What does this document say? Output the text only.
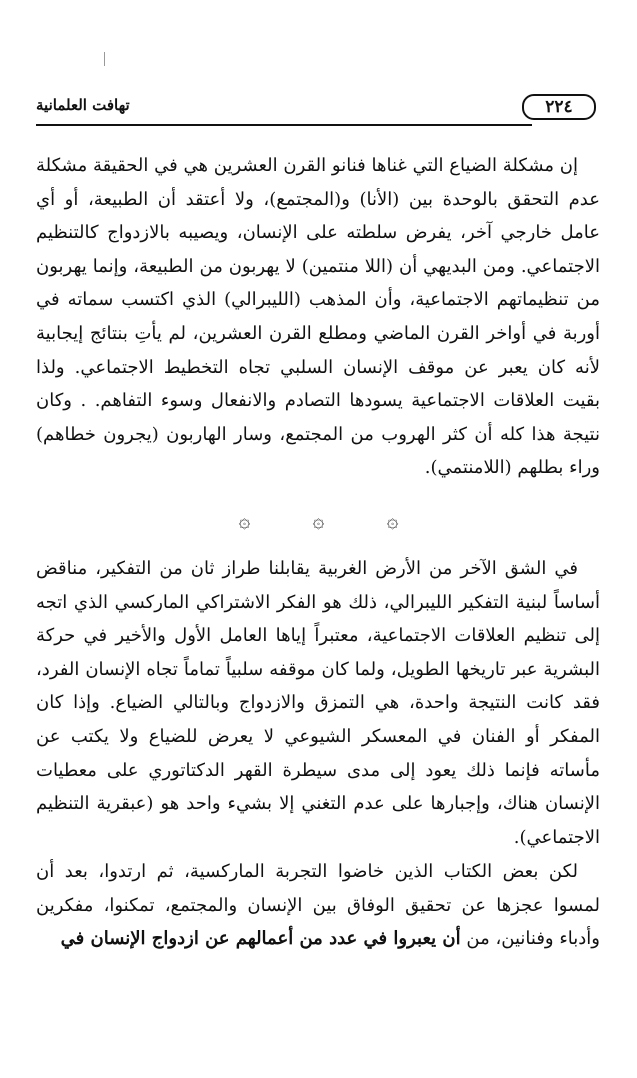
تهافت العلمانية	٢٢٤

إن مشكلة الضياع التي غناها فنانو القرن العشرين هي في الحقيقة مشكلة عدم التحقق بالوحدة بين (الأنا) و(المجتمع)، ولا أعتقد أن الطبيعة، أو أي عامل خارجي آخر، يفرض سلطته على الإنسان، ويصيبه بالازدواج كالتنظيم الاجتماعي. ومن البديهي أن (اللا منتمين) لا يهربون من الطبيعة، وإنما يهربون من تنظيماتهم الاجتماعية، وأن المذهب (الليبرالي) الذي اكتسب سماته في أوربة في أواخر القرن الماضي ومطلع القرن العشرين، لم يأتِ بنتائج إيجابية لأنه كان يعبر عن موقف الإنسان السلبي تجاه التخطيط الاجتماعي. ولذا بقيت العلاقات الاجتماعية يسودها التصادم والانفعال وسوء التفاهم. . وكان نتيجة هذا كله أن كثر الهروب من المجتمع، وسار الهاربون (يجرون خطاهم) وراء بطلهم (اللامنتمي).

۞	۞	۞

في الشق الآخر من الأرض الغربية يقابلنا طراز ثان من التفكير، مناقض أساساً لبنية التفكير الليبرالي، ذلك هو الفكر الاشتراكي الماركسي الذي اتجه إلى تنظيم العلاقات الاجتماعية، معتبراً إياها العامل الأول والأخير في حركة البشرية عبر تاريخها الطويل، ولما كان موقفه سلبياً تماماً تجاه الإنسان الفرد، فقد كانت النتيجة واحدة، هي التمزق والازدواج وبالتالي الضياع. وإذا كان المفكر أو الفنان في المعسكر الشيوعي لا يعرض للضياع ولا يكتب عن مأساته فإنما ذلك يعود إلى مدى سيطرة القهر الدكتاتوري على معطيات الإنسان هناك، وإجبارها على عدم التغني إلا بشيء واحد هو (عبقرية التنظيم الاجتماعي).

لكن بعض الكتاب الذين خاضوا التجربة الماركسية، ثم ارتدوا، بعد أن لمسوا عجزها عن تحقيق الوفاق بين الإنسان والمجتمع، تمكنوا، مفكرين وأدباء وفنانين، من أن يعبروا في عدد من أعمالهم عن ازدواج الإنسان في
